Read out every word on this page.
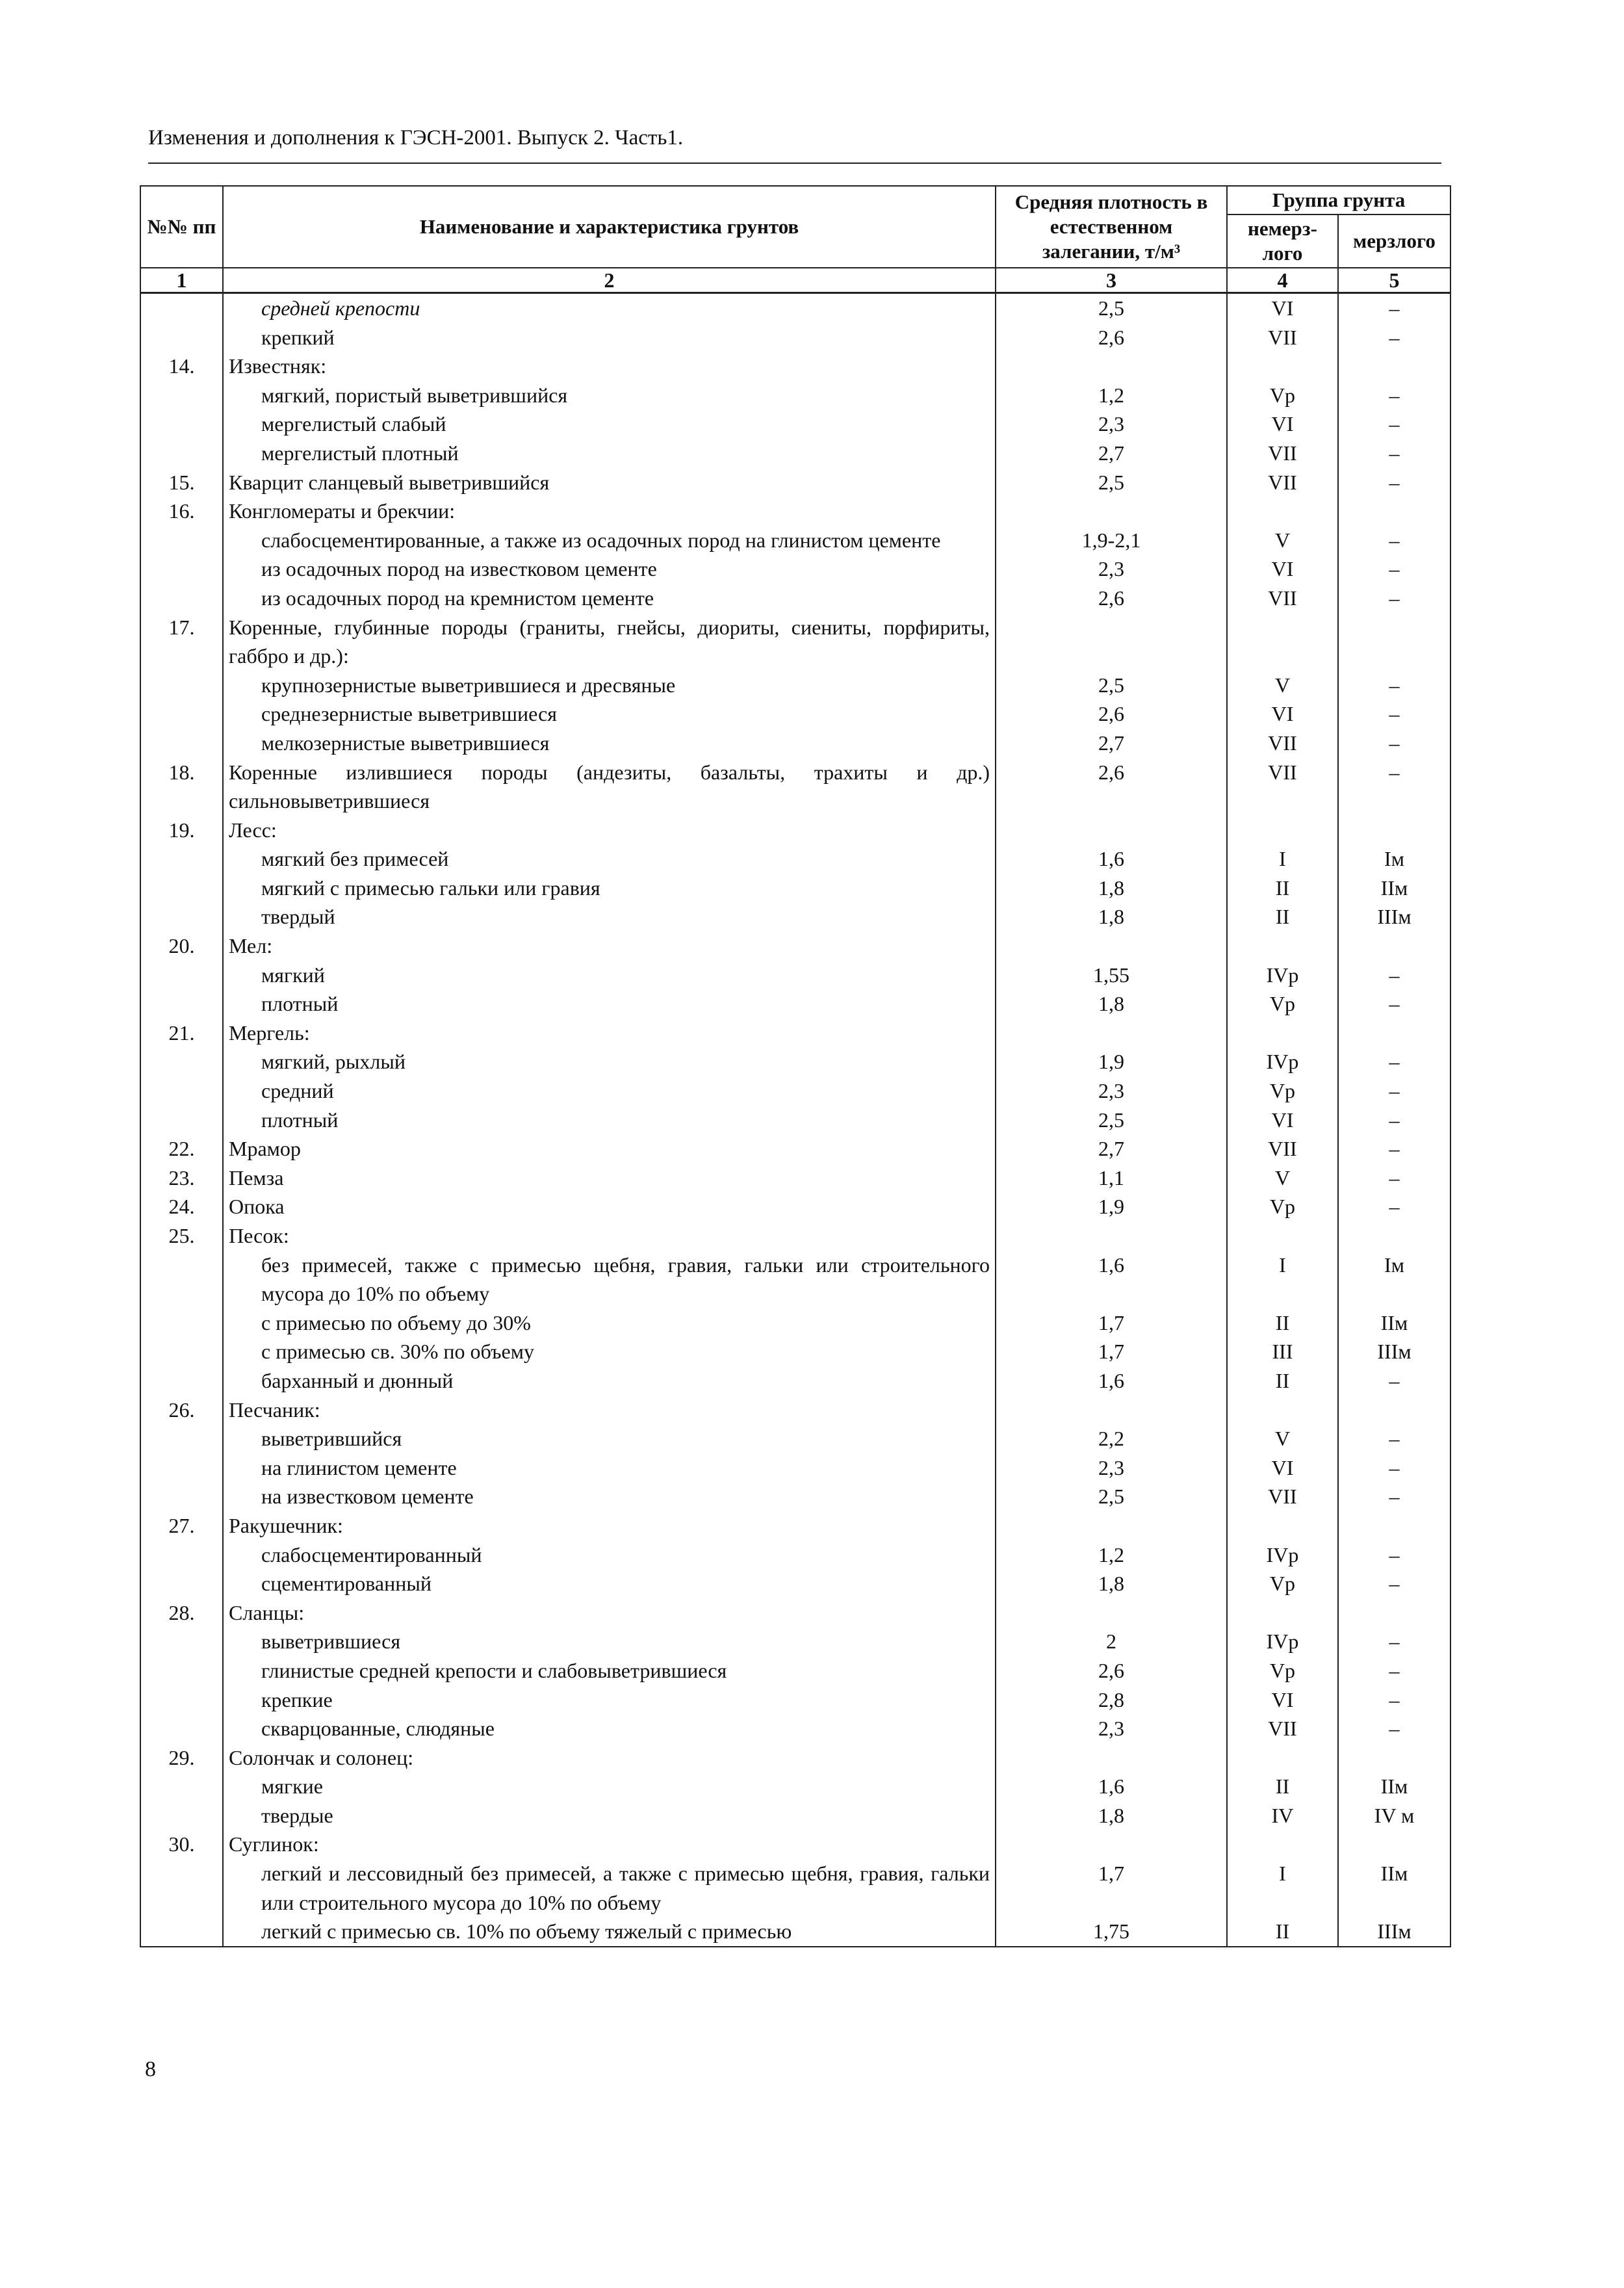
Изменения и дополнения к ГЭСН-2001. Выпуск 2. Часть1.
№№ пп	Наименование и характеристика грунтов	Средняя плотность в естественном залегании, т/м³	Группа грунта	
			немерз-лого	мерзлого
1	2	3	4	5
	средней крепости	2,5	VI	–
	крепкий	2,6	VII	–
14.	Известняк:			
	мягкий, пористый выветрившийся	1,2	Vр	–
	мергелистый слабый	2,3	VI	–
	мергелистый плотный	2,7	VII	–
15.	Кварцит сланцевый выветрившийся	2,5	VII	–
16.	Конгломераты и брекчии:			
	слабосцементированные, а также из осадочных пород на глинистом цементе	1,9-2,1	V	–
	из осадочных пород на известковом цементе	2,3	VI	–
	из осадочных пород на кремнистом цементе	2,6	VII	–
17.	Коренные, глубинные породы (граниты, гнейсы, диориты, сиениты, порфириты, габбро и др.):			
	крупнозернистые выветрившиеся и дресвяные	2,5	V	–
	среднезернистые выветрившиеся	2,6	VI	–
	мелкозернистые выветрившиеся	2,7	VII	–
18.	Коренные излившиеся породы (андезиты, базальты, трахиты и др.) сильновыветрившиеся	2,6	VII	–
19.	Лесс:			
	мягкий без примесей	1,6	I	Iм
	мягкий с примесью гальки или гравия	1,8	II	IIм
	твердый	1,8	II	IIIм
20.	Мел:			
	мягкий	1,55	IVр	–
	плотный	1,8	Vр	–
21.	Мергель:			
	мягкий, рыхлый	1,9	IVр	–
	средний	2,3	Vр	–
	плотный	2,5	VI	–
22.	Мрамор	2,7	VII	–
23.	Пемза	1,1	V	–
24.	Опока	1,9	Vр	–
25.	Песок:			
	без примесей, также с примесью щебня, гравия, гальки или строительного мусора до 10% по объему	1,6	I	Iм
	с примесью по объему до 30%	1,7	II	IIм
	с примесью св. 30% по объему	1,7	III	IIIм
	барханный и дюнный	1,6	II	–
26.	Песчаник:			
	выветрившийся	2,2	V	–
	на глинистом цементе	2,3	VI	–
	на известковом цементе	2,5	VII	–
27.	Ракушечник:			
	слабосцементированный	1,2	IVр	–
	сцементированный	1,8	Vр	–
28.	Сланцы:			
	выветрившиеся	2	IVр	–
	глинистые средней крепости и слабовыветрившиеся	2,6	Vр	–
	крепкие	2,8	VI	–
	скварцованные, слюдяные	2,3	VII	–
29.	Солончак и солонец:			
	мягкие	1,6	II	IIм
	твердые	1,8	IV	IV м
30.	Суглинок:			
	легкий и лессовидный без примесей, а также с примесью щебня, гравия, гальки или строительного мусора до 10% по объему	1,7	I	IIм
	легкий с примесью св. 10% по объему тяжелый с примесью	1,75	II	IIIм
8
